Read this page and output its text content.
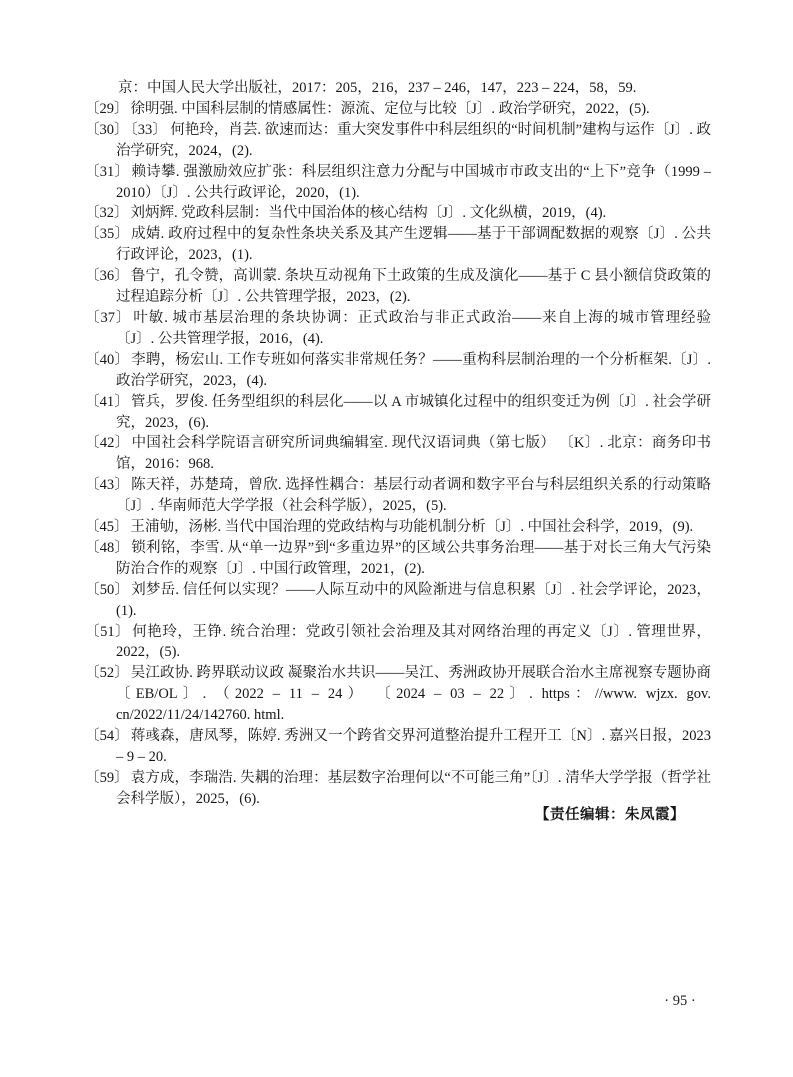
京：中国人民大学出版社，2017：205，216，237 – 246，147，223 – 224，58，59.
〔29〕 徐明强. 中国科层制的情感属性：源流、定位与比较〔J〕. 政治学研究，2022，(5).
〔30〕 〔33〕 何艳玲，肖芸. 欲速而达：重大突发事件中科层组织的“时间机制”建构与运作〔J〕. 政治学研究，2024，(2).
〔31〕 赖诗攀. 强激励效应扩张：科层组织注意力分配与中国城市市政支出的“上下”竞争（1999 – 2010）〔J〕. 公共行政评论，2020，(1).
〔32〕 刘炳辉. 党政科层制：当代中国治体的核心结构〔J〕. 文化纵横，2019，(4).
〔35〕 成婧. 政府过程中的复杂性条块关系及其产生逻辑——基于干部调配数据的观察〔J〕. 公共行政评论，2023，(1).
〔36〕 鲁宁，孔令赞，高训蒙. 条块互动视角下土政策的生成及演化——基于 C 县小额信贷政策的过程追踪分析〔J〕. 公共管理学报，2023，(2).
〔37〕 叶敏. 城市基层治理的条块协调：正式政治与非正式政治——来自上海的城市管理经验〔J〕. 公共管理学报，2016，(4).
〔40〕 李聘，杨宏山. 工作专班如何落实非常规任务？——重构科层制治理的一个分析框架.〔J〕. 政治学研究，2023，(4).
〔41〕 管兵，罗俊. 任务型组织的科层化——以 A 市城镇化过程中的组织变迁为例〔J〕. 社会学研究，2023，(6).
〔42〕 中国社会科学院语言研究所词典编辑室. 现代汉语词典（第七版） 〔K〕. 北京：商务印书馆，2016：968.
〔43〕 陈天祥，苏楚琦，曾欣. 选择性耦合：基层行动者调和数字平台与科层组织关系的行动策略〔J〕. 华南师范大学学报（社会科学版），2025，(5).
〔45〕 王浦劬，汤彬. 当代中国治理的党政结构与功能机制分析〔J〕. 中国社会科学，2019，(9).
〔48〕 锁利铭，李雪. 从“单一边界”到“多重边界”的区域公共事务治理——基于对长三角大气污染防治合作的观察〔J〕. 中国行政管理，2021，(2).
〔50〕 刘梦岳. 信任何以实现？——人际互动中的风险渐进与信息积累〔J〕. 社会学评论，2023，(1).
〔51〕 何艳玲，王铮. 统合治理：党政引领社会治理及其对网络治理的再定义〔J〕. 管理世界，2022，(5).
〔52〕 吴江政协. 跨界联动议政 凝聚治水共识——吴江、秀洲政协开展联合治水主席视察专题协商〔EB/OL〕. （2022 – 11 – 24） 〔2024 – 03 – 22〕. https：//www. wjzx. gov. cn/2022/11/24/142760. html.
〔54〕 蒋彧森，唐凤琴，陈婷. 秀洲又一个跨省交界河道整治提升工程开工〔N〕. 嘉兴日报，2023 – 9 – 20.
〔59〕 袁方成，李瑞浩. 失耦的治理：基层数字治理何以“不可能三角”〔J〕. 清华大学学报（哲学社会科学版），2025，(6).
【责任编辑：朱凤霞】
· 95 ·
